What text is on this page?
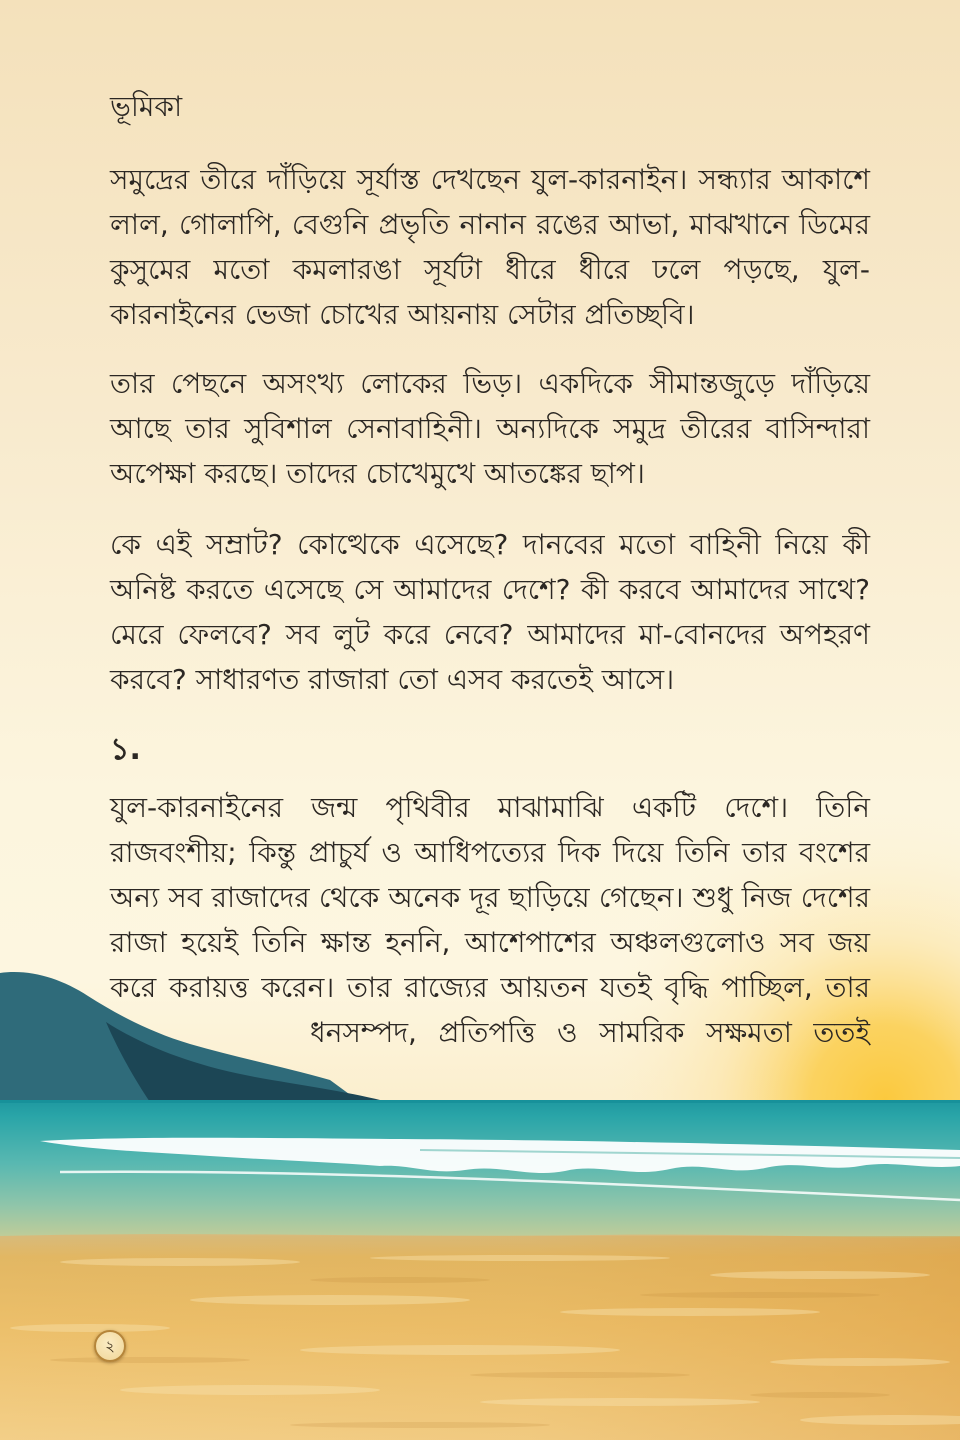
ভূমিকা

সমুদ্রের তীরে দাঁড়িয়ে সূর্যাস্ত দেখছেন যুল-কারনাইন। সন্ধ্যার আকাশে লাল, গোলাপি, বেগুনি প্রভৃতি নানান রঙের আভা, মাঝখানে ডিমের কুসুমের মতো কমলারঙা সূর্যটা ধীরে ধীরে ঢলে পড়ছে, যুল-কারনাইনের ভেজা চোখের আয়নায় সেটার প্রতিচ্ছবি।

তার পেছনে অসংখ্য লোকের ভিড়। একদিকে সীমান্তজুড়ে দাঁড়িয়ে আছে তার সুবিশাল সেনাবাহিনী। অন্যদিকে সমুদ্র তীরের বাসিন্দারা অপেক্ষা করছে। তাদের চোখেমুখে আতঙ্কের ছাপ।

কে এই সম্রাট? কোত্থেকে এসেছে? দানবের মতো বাহিনী নিয়ে কী অনিষ্ট করতে এসেছে সে আমাদের দেশে? কী করবে আমাদের সাথে? মেরে ফেলবে? সব লুট করে নেবে? আমাদের মা-বোনদের অপহরণ করবে? সাধারণত রাজারা তো এসব করতেই আসে।

১.

যুল-কারনাইনের জন্ম পৃথিবীর মাঝামাঝি একটি দেশে। তিনি রাজবংশীয়; কিন্তু প্রাচুর্য ও আধিপত্যের দিক দিয়ে তিনি তার বংশের অন্য সব রাজাদের থেকে অনেক দূর ছাড়িয়ে গেছেন। শুধু নিজ দেশের রাজা হয়েই তিনি ক্ষান্ত হননি, আশেপাশের অঞ্চলগুলোও সব জয় করে করায়ত্ত করেন। তার রাজ্যের আয়তন যতই বৃদ্ধি পাচ্ছিল, তার

ধনসম্পদ, প্রতিপত্তি ও সামরিক সক্ষমতা ততই

২
